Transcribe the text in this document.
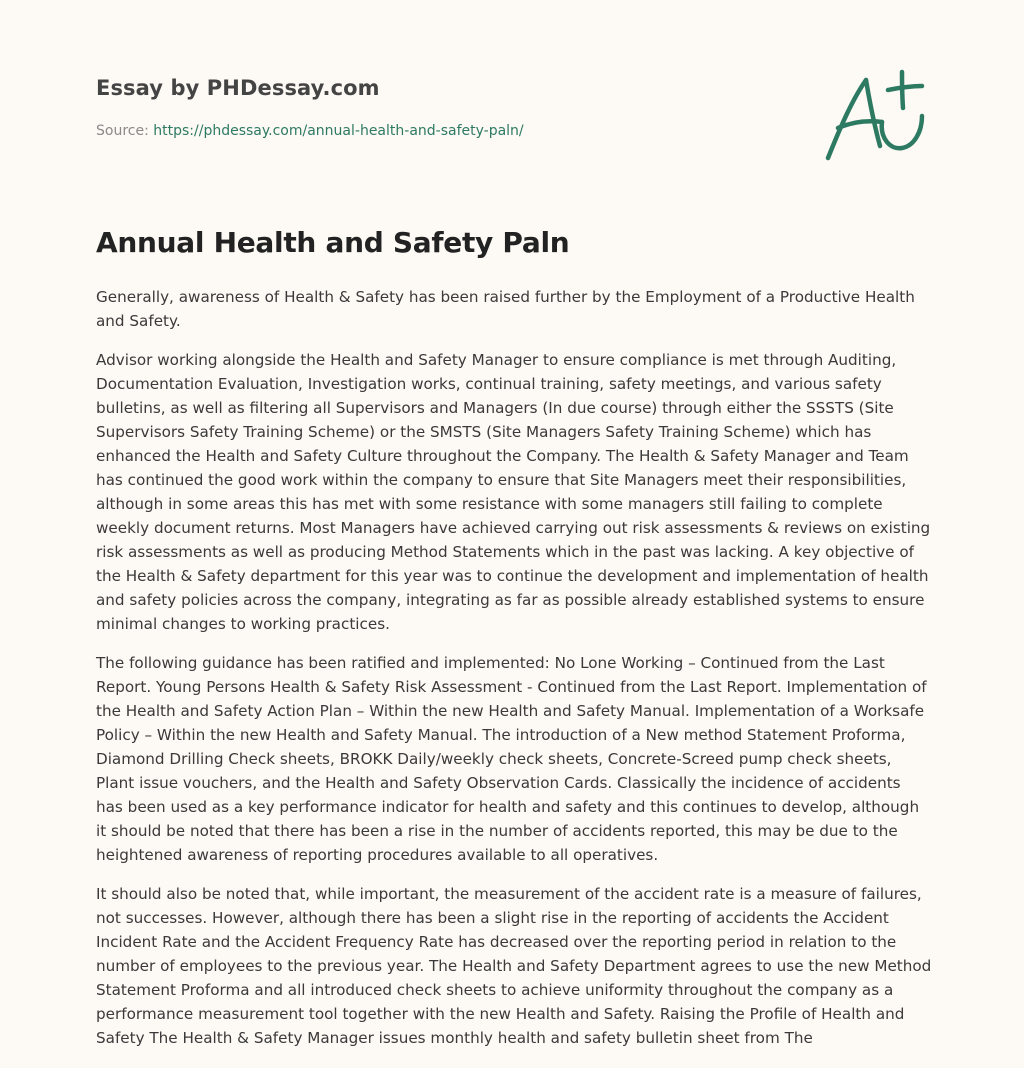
Essay by PHDessay.com
Source: https://phdessay.com/annual-health-and-safety-paln/
Annual Health and Safety Paln

Generally, awareness of Health & Safety has been raised further by the Employment of a Productive Health and Safety.

Advisor working alongside the Health and Safety Manager to ensure compliance is met through Auditing, Documentation Evaluation, Investigation works, continual training, safety meetings, and various safety bulletins, as well as filtering all Supervisors and Managers (In due course) through either the SSSTS (Site Supervisors Safety Training Scheme) or the SMSTS (Site Managers Safety Training Scheme) which has enhanced the Health and Safety Culture throughout the Company. The Health & Safety Manager and Team has continued the good work within the company to ensure that Site Managers meet their responsibilities, although in some areas this has met with some resistance with some managers still failing to complete weekly document returns. Most Managers have achieved carrying out risk assessments & reviews on existing risk assessments as well as producing Method Statements which in the past was lacking. A key objective of the Health & Safety department for this year was to continue the development and implementation of health and safety policies across the company, integrating as far as possible already established systems to ensure minimal changes to working practices.

The following guidance has been ratified and implemented: No Lone Working – Continued from the Last Report. Young Persons Health & Safety Risk Assessment - Continued from the Last Report. Implementation of the Health and Safety Action Plan – Within the new Health and Safety Manual. Implementation of a Worksafe Policy – Within the new Health and Safety Manual. The introduction of a New method Statement Proforma, Diamond Drilling Check sheets, BROKK Daily/weekly check sheets, Concrete-Screed pump check sheets, Plant issue vouchers, and the Health and Safety Observation Cards. Classically the incidence of accidents has been used as a key performance indicator for health and safety and this continues to develop, although it should be noted that there has been a rise in the number of accidents reported, this may be due to the heightened awareness of reporting procedures available to all operatives.

It should also be noted that, while important, the measurement of the accident rate is a measure of failures, not successes. However, although there has been a slight rise in the reporting of accidents the Accident Incident Rate and the Accident Frequency Rate has decreased over the reporting period in relation to the number of employees to the previous year. The Health and Safety Department agrees to use the new Method Statement Proforma and all introduced check sheets to achieve uniformity throughout the company as a performance measurement tool together with the new Health and Safety. Raising the Profile of Health and Safety The Health & Safety Manager issues monthly health and safety bulletin sheet from The
